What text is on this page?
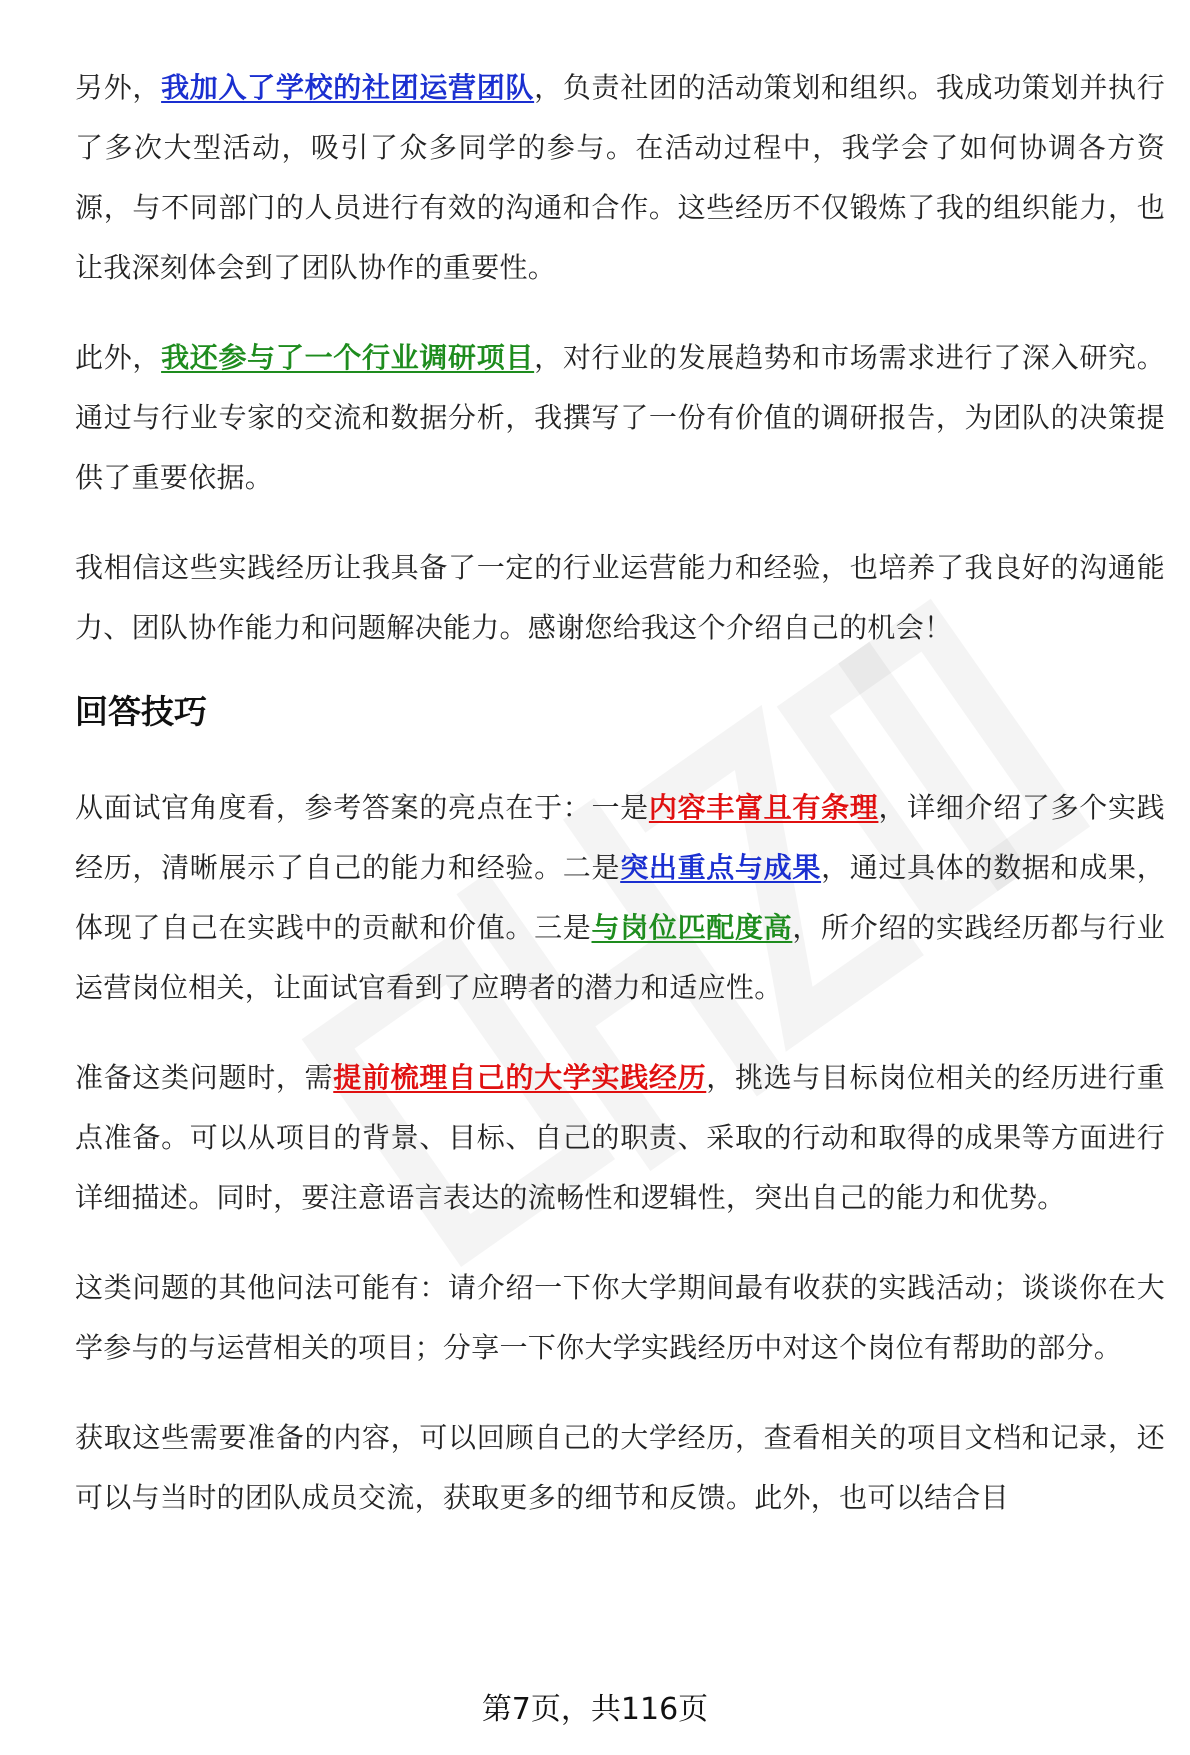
另外，我加入了学校的社团运营团队，负责社团的活动策划和组织。我成功策划并执行了多次大型活动，吸引了众多同学的参与。在活动过程中，我学会了如何协调各方资源，与不同部门的人员进行有效的沟通和合作。这些经历不仅锻炼了我的组织能力，也让我深刻体会到了团队协作的重要性。

此外，我还参与了一个行业调研项目，对行业的发展趋势和市场需求进行了深入研究。通过与行业专家的交流和数据分析，我撰写了一份有价值的调研报告，为团队的决策提供了重要依据。

我相信这些实践经历让我具备了一定的行业运营能力和经验，也培养了我良好的沟通能力、团队协作能力和问题解决能力。感谢您给我这个介绍自己的机会！

回答技巧

从面试官角度看，参考答案的亮点在于：一是内容丰富且有条理，详细介绍了多个实践经历，清晰展示了自己的能力和经验。二是突出重点与成果，通过具体的数据和成果，体现了自己在实践中的贡献和价值。三是与岗位匹配度高，所介绍的实践经历都与行业运营岗位相关，让面试官看到了应聘者的潜力和适应性。

准备这类问题时，需提前梳理自己的大学实践经历，挑选与目标岗位相关的经历进行重点准备。可以从项目的背景、目标、自己的职责、采取的行动和取得的成果等方面进行详细描述。同时，要注意语言表达的流畅性和逻辑性，突出自己的能力和优势。

这类问题的其他问法可能有：请介绍一下你大学期间最有收获的实践活动；谈谈你在大学参与的与运营相关的项目；分享一下你大学实践经历中对这个岗位有帮助的部分。

获取这些需要准备的内容，可以回顾自己的大学经历，查看相关的项目文档和记录，还可以与当时的团队成员交流，获取更多的细节和反馈。此外，也可以结合目

第7页，共116页
